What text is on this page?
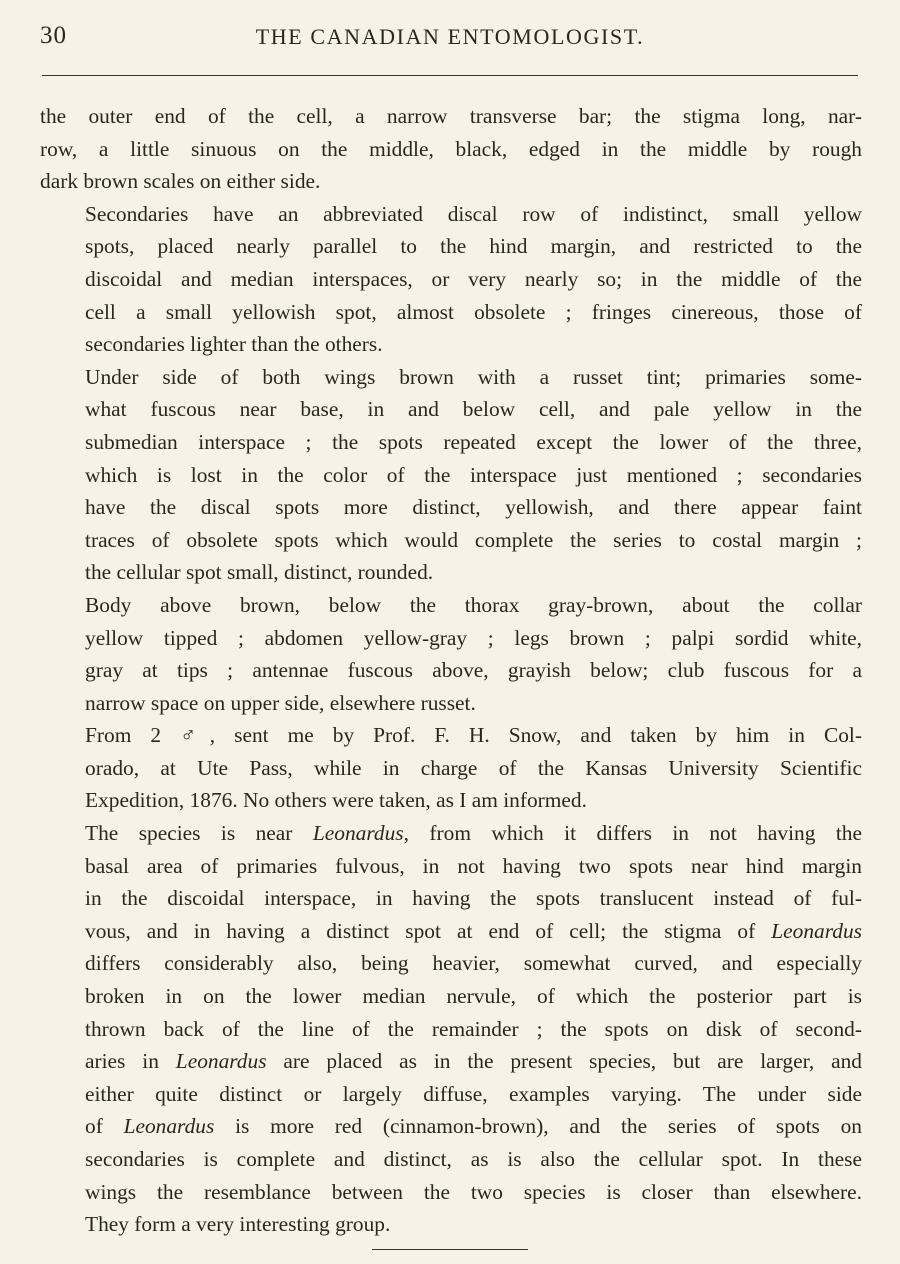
30	THE CANADIAN ENTOMOLOGIST.

the outer end of the cell, a narrow transverse bar; the stigma long, nar-
row, a little sinuous on the middle, black, edged in the middle by rough
dark brown scales on either side.

Secondaries have an abbreviated discal row of indistinct, small yellow
spots, placed nearly parallel to the hind margin, and restricted to the
discoidal and median interspaces, or very nearly so; in the middle of the
cell a small yellowish spot, almost obsolete ; fringes cinereous, those of
secondaries lighter than the others.

Under side of both wings brown with a russet tint; primaries some-
what fuscous near base, in and below cell, and pale yellow in the
submedian interspace ; the spots repeated except the lower of the three,
which is lost in the color of the interspace just mentioned ; secondaries
have the discal spots more distinct, yellowish, and there appear faint
traces of obsolete spots which would complete the series to costal margin ;
the cellular spot small, distinct, rounded.

Body above brown, below the thorax gray-brown, about the collar
yellow tipped ; abdomen yellow-gray ; legs brown ; palpi sordid white,
gray at tips ; antennae fuscous above, grayish below; club fuscous for a
narrow space on upper side, elsewhere russet.

From 2 ♂, sent me by Prof. F. H. Snow, and taken by him in Col-
orado, at Ute Pass, while in charge of the Kansas University Scientific
Expedition, 1876. No others were taken, as I am informed.

The species is near Leonardus, from which it differs in not having the
basal area of primaries fulvous, in not having two spots near hind margin
in the discoidal interspace, in having the spots translucent instead of ful-
vous, and in having a distinct spot at end of cell; the stigma of Leonardus
differs considerably also, being heavier, somewhat curved, and especially
broken in on the lower median nervule, of which the posterior part is
thrown back of the line of the remainder ; the spots on disk of second-
aries in Leonardus are placed as in the present species, but are larger, and
either quite distinct or largely diffuse, examples varying. The under side
of Leonardus is more red (cinnamon-brown), and the series of spots on
secondaries is complete and distinct, as is also the cellular spot. In these
wings the resemblance between the two species is closer than elsewhere.
They form a very interesting group.
